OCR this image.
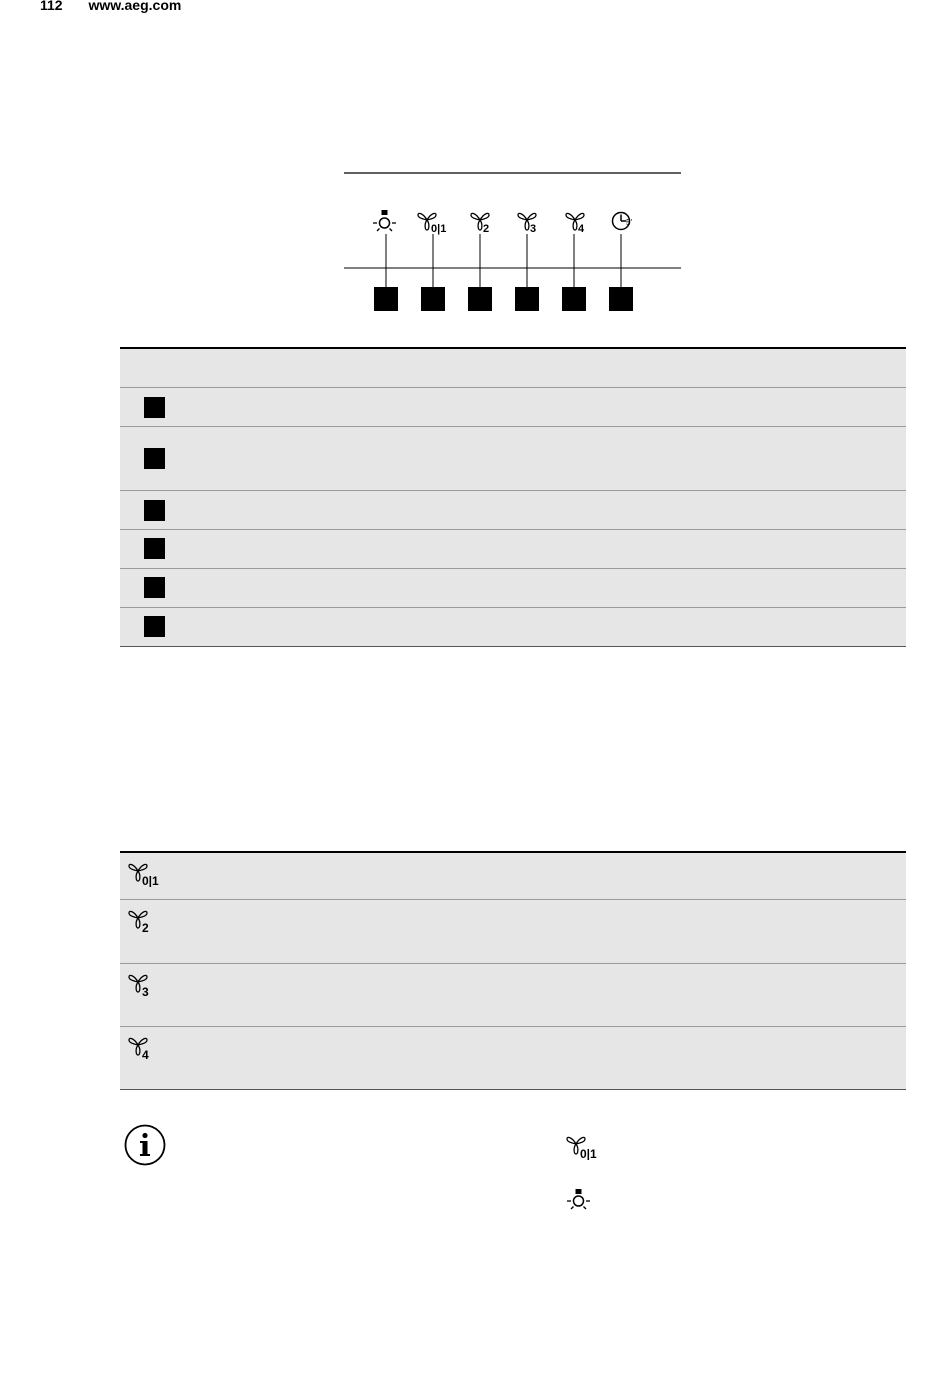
112 www.aeg.com
0|1	2	3	4
5'
0|1
2
3
4
0|1
